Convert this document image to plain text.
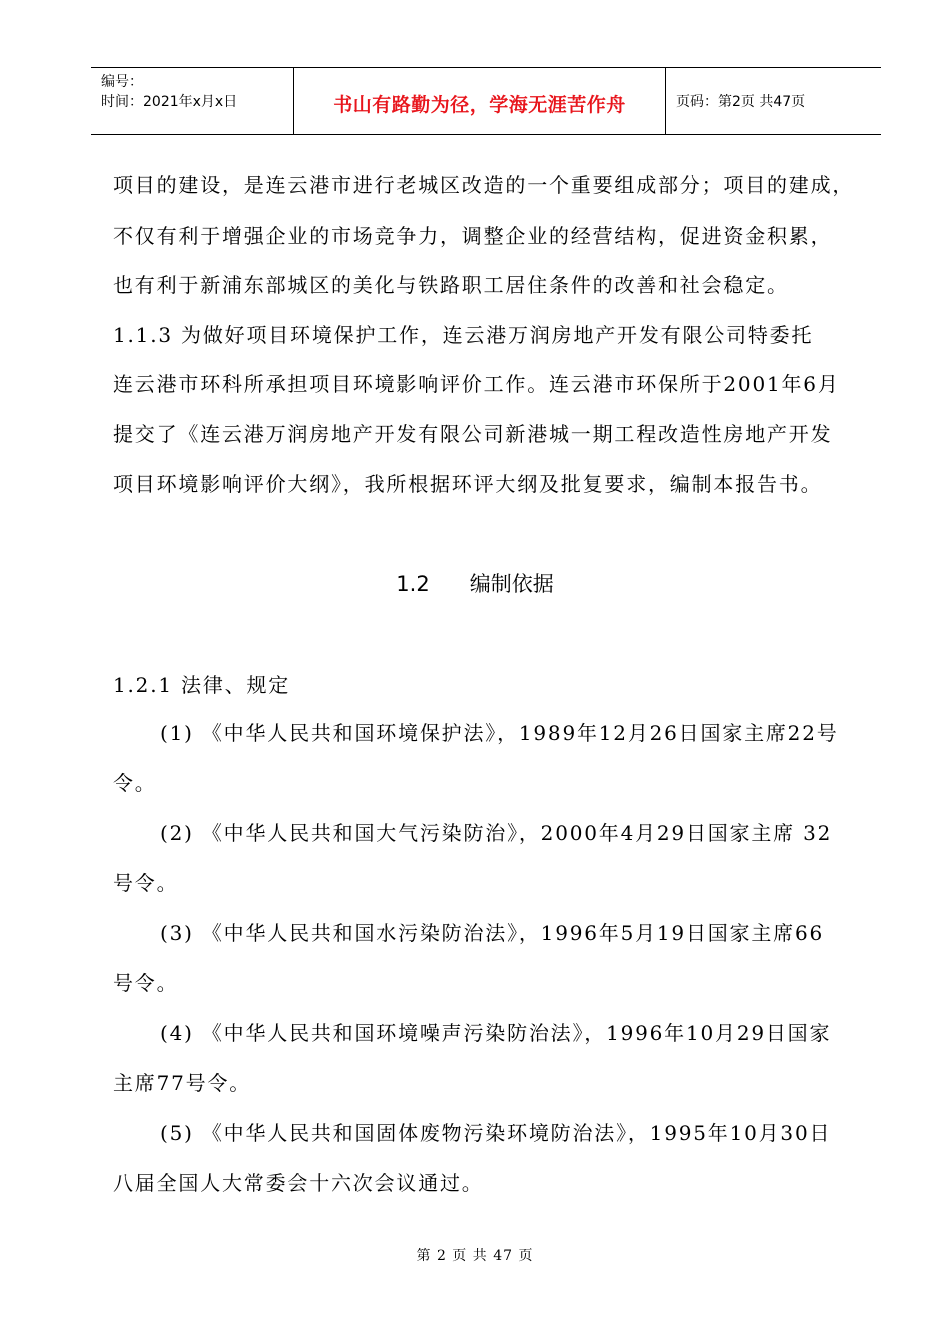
编号：
时间：2021年x月x日	书山有路勤为径，学海无涯苦作舟	页码：第2页 共47页
项目的建设，是连云港市进行老城区改造的一个重要组成部分；项目的建成，
不仅有利于增强企业的市场竞争力，调整企业的经营结构，促进资金积累，
也有利于新浦东部城区的美化与铁路职工居住条件的改善和社会稳定。
1.1.3 为做好项目环境保护工作，连云港万润房地产开发有限公司特委托
连云港市环科所承担项目环境影响评价工作。连云港市环保所于2001年6月
提交了《连云港万润房地产开发有限公司新港城一期工程改造性房地产开发
项目环境影响评价大纲》，我所根据环评大纲及批复要求，编制本报告书。
1.2 编制依据
1.2.1 法律、规定
(1) 《中华人民共和国环境保护法》，1989年12月26日国家主席22号
令。
(2) 《中华人民共和国大气污染防治》，2000年4月29日国家主席 32
号令。
(3) 《中华人民共和国水污染防治法》，1996年5月19日国家主席66
号令。
(4) 《中华人民共和国环境噪声污染防治法》，1996年10月29日国家
主席77号令。
(5) 《中华人民共和国固体废物污染环境防治法》，1995年10月30日
八届全国人大常委会十六次会议通过。
第 2 页 共 47 页
